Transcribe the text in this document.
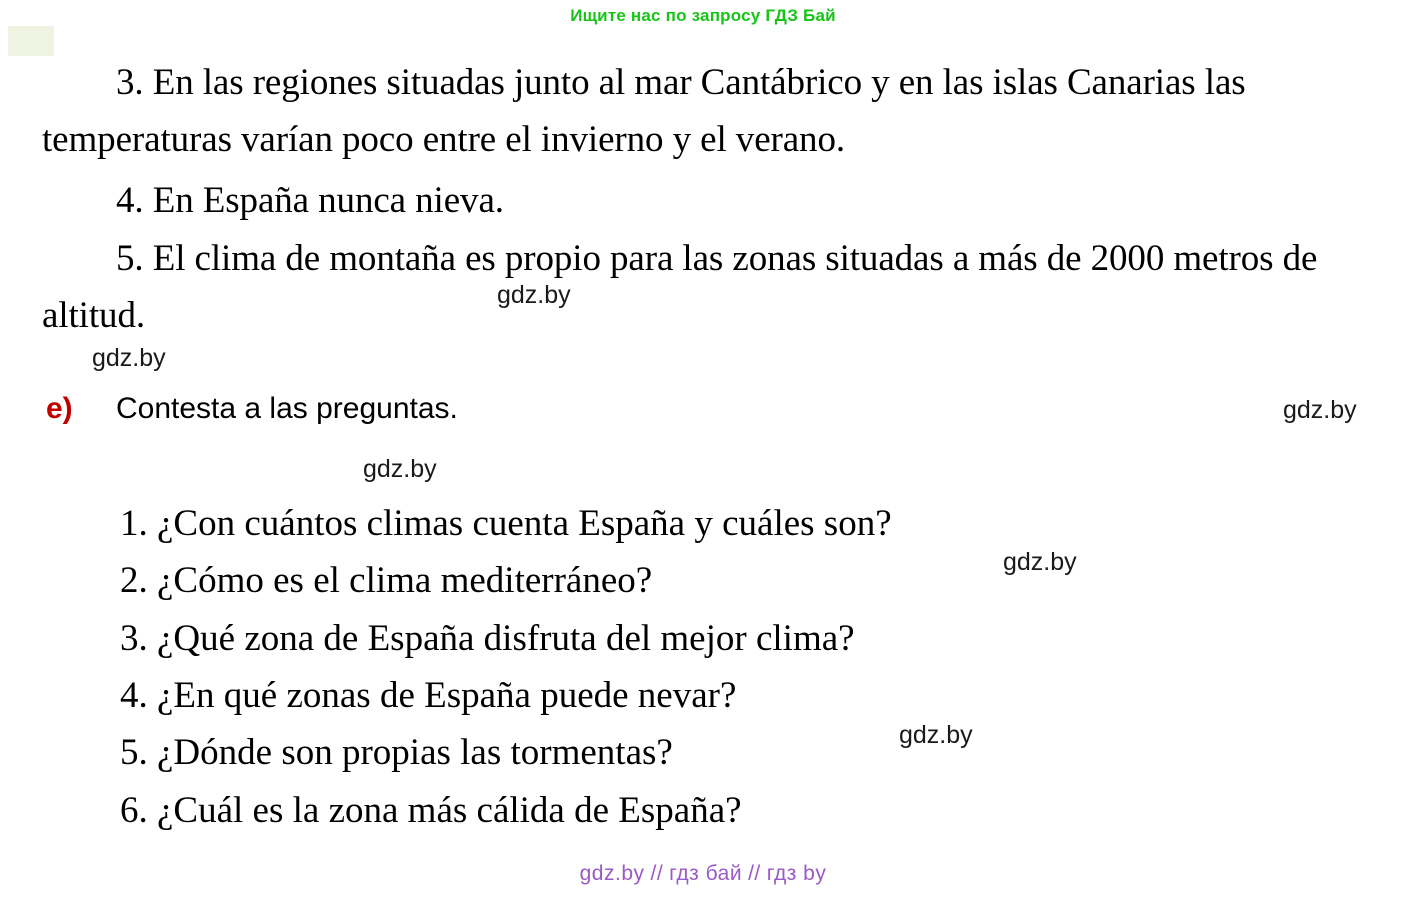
Ищите нас по запросу ГДЗ Бай
3. En las regiones situadas junto al mar Cantábrico y en las islas Canarias las temperaturas varían poco entre el invierno y el verano.
4. En España nunca nieva.
5. El clima de montaña es propio para las zonas situadas a más de 2000 metros de altitud.
e)	Contesta a las preguntas.
1. ¿Con cuántos climas cuenta España y cuáles son?
2. ¿Cómo es el clima mediterráneo?
3. ¿Qué zona de España disfruta del mejor clima?
4. ¿En qué zonas de España puede nevar?
5. ¿Dónde son propias las tormentas?
6. ¿Cuál es la zona más cálida de España?
gdz.by
gdz.by
gdz.by
gdz.by
gdz.by
gdz.by
gdz.by // гдз бай // гдз by
